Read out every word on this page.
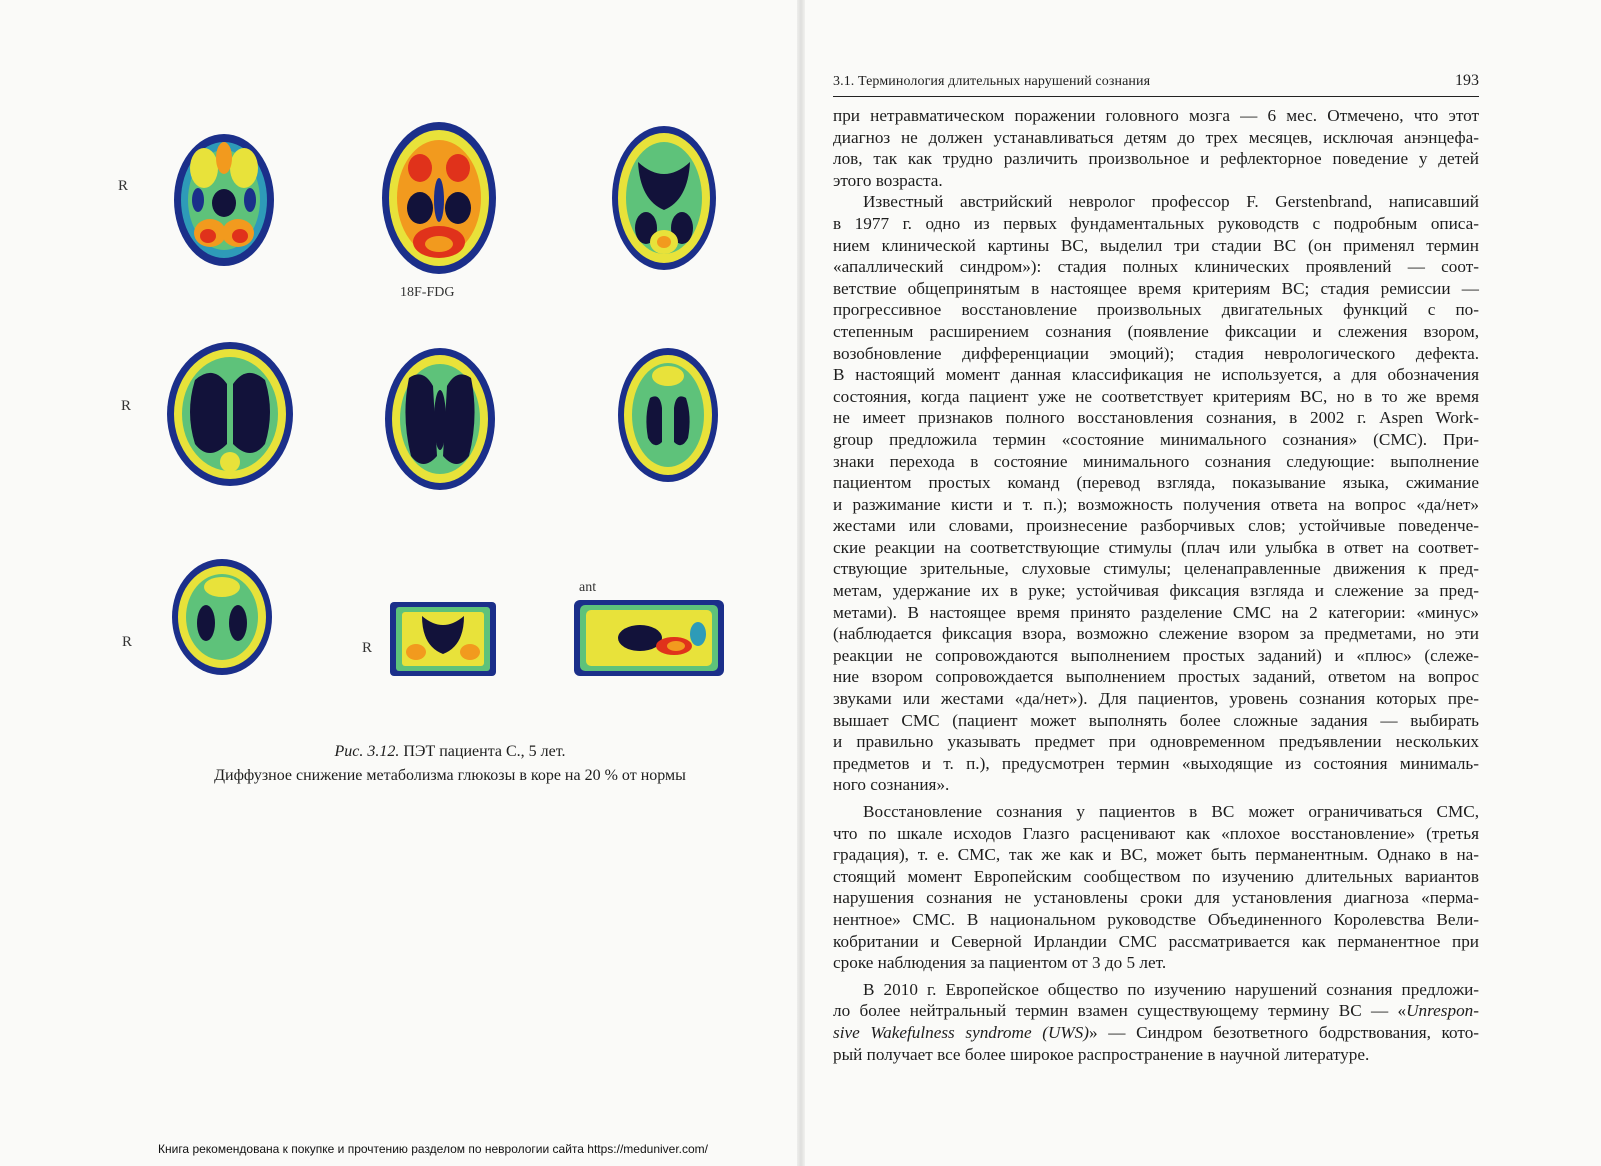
R
R
R	R
18F-FDG
ant
Рис. 3.12. ПЭТ пациента С., 5 лет.
Диффузное снижение метаболизма глюкозы в коре на 20 % от нормы
Книга рекомендована к покупке и прочтению разделом по неврологии сайта https://meduniver.com/
3.1. Терминология длительных нарушений сознания	193
при нетравматическом поражении головного мозга — 6 мес. Отмечено, что этот
диагноз не должен устанавливаться детям до трех месяцев, исключая анэнцефа-
лов, так как трудно различить произвольное и рефлекторное поведение у детей
этого возраста.
Известный австрийский невролог профессор F. Gerstenbrand, написавший
в 1977 г. одно из первых фундаментальных руководств с подробным описа-
нием клинической картины ВС, выделил три стадии ВС (он применял термин
«апаллический синдром»): стадия полных клинических проявлений — соот-
ветствие общепринятым в настоящее время критериям ВС; стадия ремиссии —
прогрессивное восстановление произвольных двигательных функций с по-
степенным расширением сознания (появление фиксации и слежения взором,
возобновление дифференциации эмоций); стадия неврологического дефекта.
В настоящий момент данная классификация не используется, а для обозначения
состояния, когда пациент уже не соответствует критериям ВС, но в то же время
не имеет признаков полного восстановления сознания, в 2002 г. Aspen Work-
group предложила термин «состояние минимального сознания» (СМС). При-
знаки перехода в состояние минимального сознания следующие: выполнение
пациентом простых команд (перевод взгляда, показывание языка, сжимание
и разжимание кисти и т. п.); возможность получения ответа на вопрос «да/нет»
жестами или словами, произнесение разборчивых слов; устойчивые поведенче-
ские реакции на соответствующие стимулы (плач или улыбка в ответ на соответ-
ствующие зрительные, слуховые стимулы; целенаправленные движения к пред-
метам, удержание их в руке; устойчивая фиксация взгляда и слежение за пред-
метами). В настоящее время принято разделение СМС на 2 категории: «минус»
(наблюдается фиксация взора, возможно слежение взором за предметами, но эти
реакции не сопровождаются выполнением простых заданий) и «плюс» (слеже-
ние взором сопровождается выполнением простых заданий, ответом на вопрос
звуками или жестами «да/нет»). Для пациентов, уровень сознания которых пре-
вышает СМС (пациент может выполнять более сложные задания — выбирать
и правильно указывать предмет при одновременном предъявлении нескольких
предметов и т. п.), предусмотрен термин «выходящие из состояния минималь-
ного сознания».
Восстановление сознания у пациентов в ВС может ограничиваться СМС,
что по шкале исходов Глазго расценивают как «плохое восстановление» (третья
градация), т. е. СМС, так же как и ВС, может быть перманентным. Однако в на-
стоящий момент Европейским сообществом по изучению длительных вариантов
нарушения сознания не установлены сроки для установления диагноза «перма-
нентное» СМС. В национальном руководстве Объединенного Королевства Вели-
кобритании и Северной Ирландии СМС рассматривается как перманентное при
сроке наблюдения за пациентом от 3 до 5 лет.
В 2010 г. Европейское общество по изучению нарушений сознания предложи-
ло более нейтральный термин взамен существующему термину ВС — «Unrespon-
sive Wakefulness syndrome (UWS)» — Синдром безответного бодрствования, кото-
рый получает все более широкое распространение в научной литературе.
